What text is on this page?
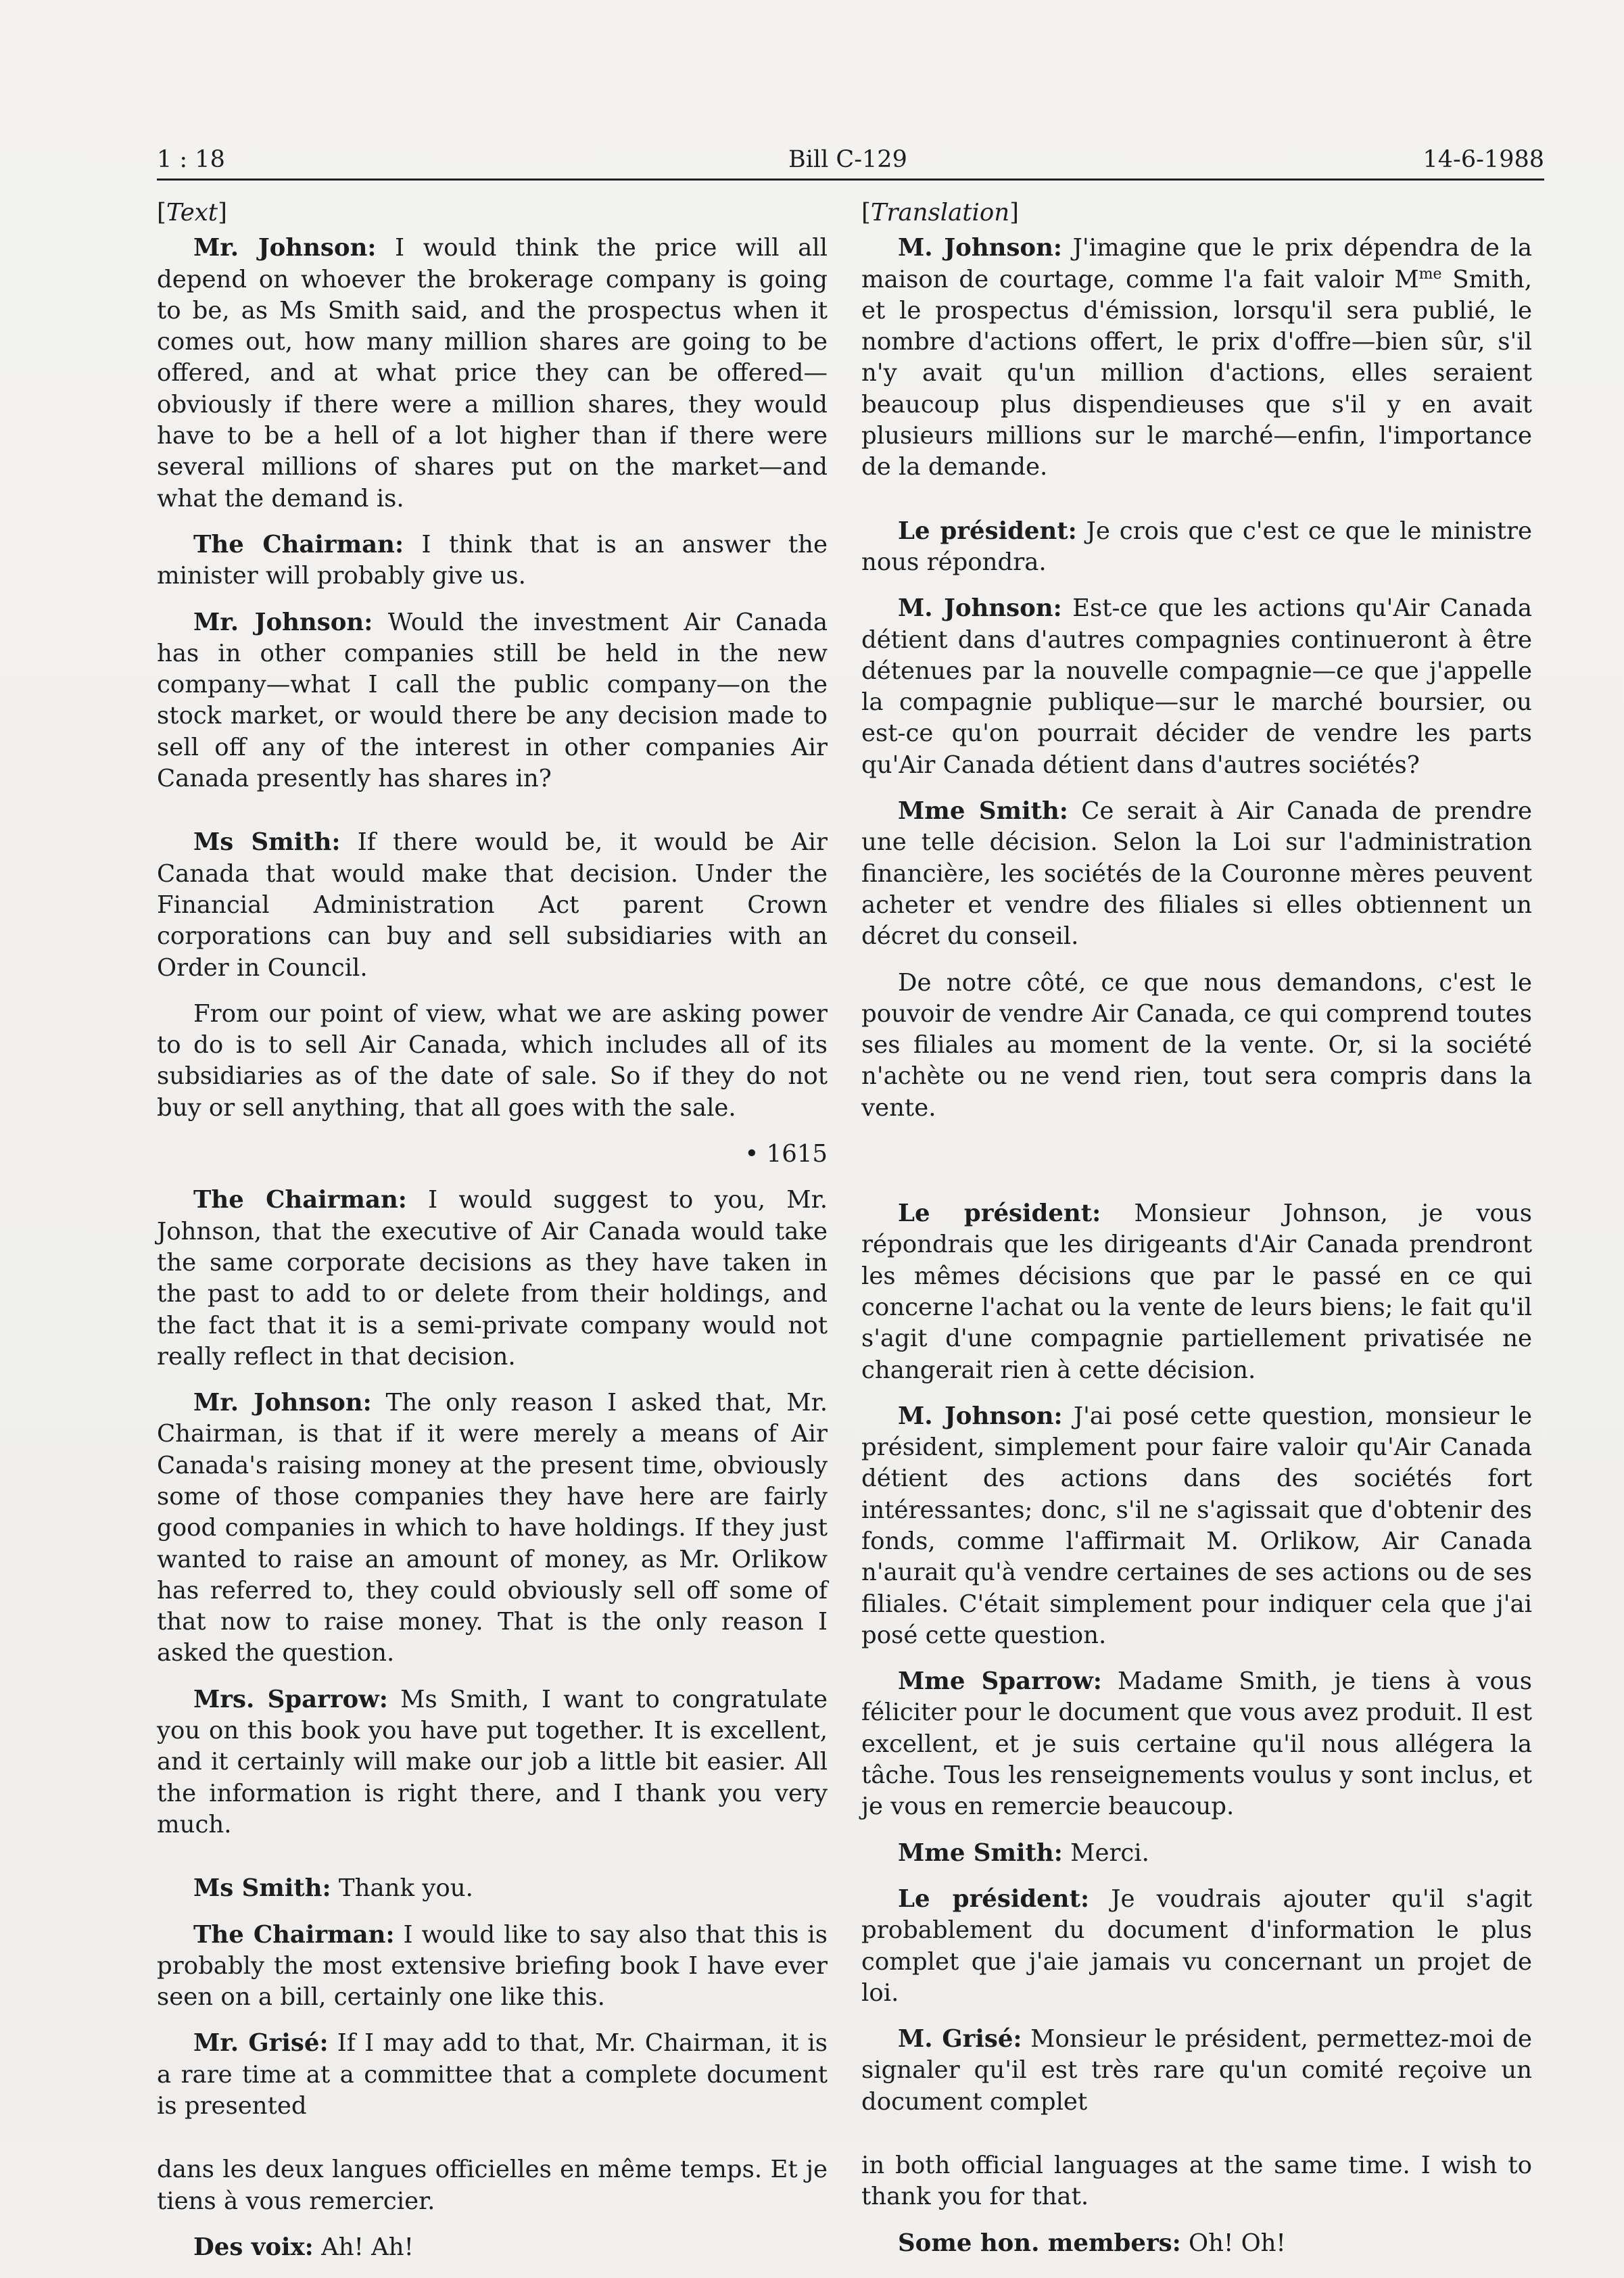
1 : 18	Bill C-129	14-6-1988
[Text]
Mr. Johnson: I would think the price will all depend on whoever the brokerage company is going to be, as Ms Smith said, and the prospectus when it comes out, how many million shares are going to be offered, and at what price they can be offered—obviously if there were a million shares, they would have to be a hell of a lot higher than if there were several millions of shares put on the market—and what the demand is.
The Chairman: I think that is an answer the minister will probably give us.
Mr. Johnson: Would the investment Air Canada has in other companies still be held in the new company—what I call the public company—on the stock market, or would there be any decision made to sell off any of the interest in other companies Air Canada presently has shares in?
Ms Smith: If there would be, it would be Air Canada that would make that decision. Under the Financial Administration Act parent Crown corporations can buy and sell subsidiaries with an Order in Council.
From our point of view, what we are asking power to do is to sell Air Canada, which includes all of its subsidiaries as of the date of sale. So if they do not buy or sell anything, that all goes with the sale.
• 1615
The Chairman: I would suggest to you, Mr. Johnson, that the executive of Air Canada would take the same corporate decisions as they have taken in the past to add to or delete from their holdings, and the fact that it is a semi-private company would not really reflect in that decision.
Mr. Johnson: The only reason I asked that, Mr. Chairman, is that if it were merely a means of Air Canada's raising money at the present time, obviously some of those companies they have here are fairly good companies in which to have holdings. If they just wanted to raise an amount of money, as Mr. Orlikow has referred to, they could obviously sell off some of that now to raise money. That is the only reason I asked the question.
Mrs. Sparrow: Ms Smith, I want to congratulate you on this book you have put together. It is excellent, and it certainly will make our job a little bit easier. All the information is right there, and I thank you very much.
Ms Smith: Thank you.
The Chairman: I would like to say also that this is probably the most extensive briefing book I have ever seen on a bill, certainly one like this.
Mr. Grisé: If I may add to that, Mr. Chairman, it is a rare time at a committee that a complete document is presented
dans les deux langues officielles en même temps. Et je tiens à vous remercier.
Des voix: Ah! Ah!
[Translation]
M. Johnson: J'imagine que le prix dépendra de la maison de courtage, comme l'a fait valoir $M^{me}$ Smith, et le prospectus d'émission, lorsqu'il sera publié, le nombre d'actions offert, le prix d'offre—bien sûr, s'il n'y avait qu'un million d'actions, elles seraient beaucoup plus dispendieuses que s'il y en avait plusieurs millions sur le marché—enfin, l'importance de la demande.
Le président: Je crois que c'est ce que le ministre nous répondra.
M. Johnson: Est-ce que les actions qu'Air Canada détient dans d'autres compagnies continueront à être détenues par la nouvelle compagnie—ce que j'appelle la compagnie publique—sur le marché boursier, ou est-ce qu'on pourrait décider de vendre les parts qu'Air Canada détient dans d'autres sociétés?
Mme Smith: Ce serait à Air Canada de prendre une telle décision. Selon la Loi sur l'administration financière, les sociétés de la Couronne mères peuvent acheter et vendre des filiales si elles obtiennent un décret du conseil.
De notre côté, ce que nous demandons, c'est le pouvoir de vendre Air Canada, ce qui comprend toutes ses filiales au moment de la vente. Or, si la société n'achète ou ne vend rien, tout sera compris dans la vente.
Le président: Monsieur Johnson, je vous répondrais que les dirigeants d'Air Canada prendront les mêmes décisions que par le passé en ce qui concerne l'achat ou la vente de leurs biens; le fait qu'il s'agit d'une compagnie partiellement privatisée ne changerait rien à cette décision.
M. Johnson: J'ai posé cette question, monsieur le président, simplement pour faire valoir qu'Air Canada détient des actions dans des sociétés fort intéressantes; donc, s'il ne s'agissait que d'obtenir des fonds, comme l'affirmait M. Orlikow, Air Canada n'aurait qu'à vendre certaines de ses actions ou de ses filiales. C'était simplement pour indiquer cela que j'ai posé cette question.
Mme Sparrow: Madame Smith, je tiens à vous féliciter pour le document que vous avez produit. Il est excellent, et je suis certaine qu'il nous allégera la tâche. Tous les renseignements voulus y sont inclus, et je vous en remercie beaucoup.
Mme Smith: Merci.
Le président: Je voudrais ajouter qu'il s'agit probablement du document d'information le plus complet que j'aie jamais vu concernant un projet de loi.
M. Grisé: Monsieur le président, permettez-moi de signaler qu'il est très rare qu'un comité reçoive un document complet
in both official languages at the same time. I wish to thank you for that.
Some hon. members: Oh! Oh!
